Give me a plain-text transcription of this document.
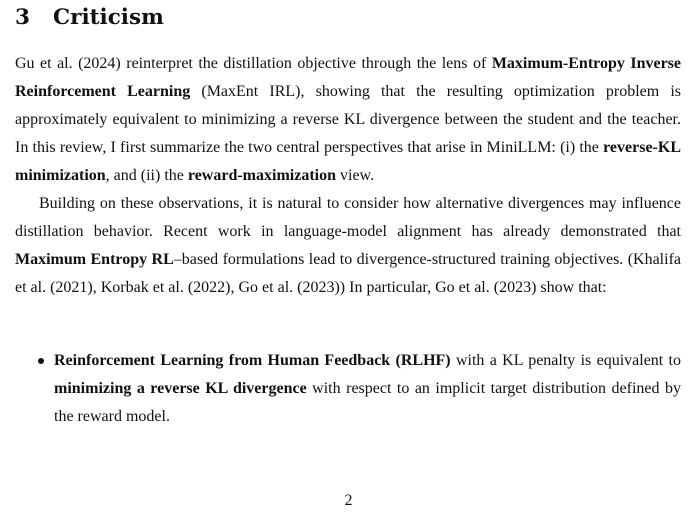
3 Criticism

Gu et al. (2024) reinterpret the distillation objective through the lens of Maximum-Entropy Inverse Reinforcement Learning (MaxEnt IRL), showing that the resulting optimization problem is approximately equivalent to minimizing a reverse KL divergence between the student and the teacher. In this review, I first summarize the two central perspectives that arise in MiniLLM: (i) the reverse-KL minimization, and (ii) the reward-maximization view.

Building on these observations, it is natural to consider how alternative divergences may influence distillation behavior. Recent work in language-model alignment has already demonstrated that Maximum Entropy RL–based formulations lead to divergence-structured training objectives. (Khalifa et al. (2021), Korbak et al. (2022), Go et al. (2023)) In particular, Go et al. (2023) show that:

Reinforcement Learning from Human Feedback (RLHF) with a KL penalty is equivalent to minimizing a reverse KL divergence with respect to an implicit target distribution defined by the reward model.

2
